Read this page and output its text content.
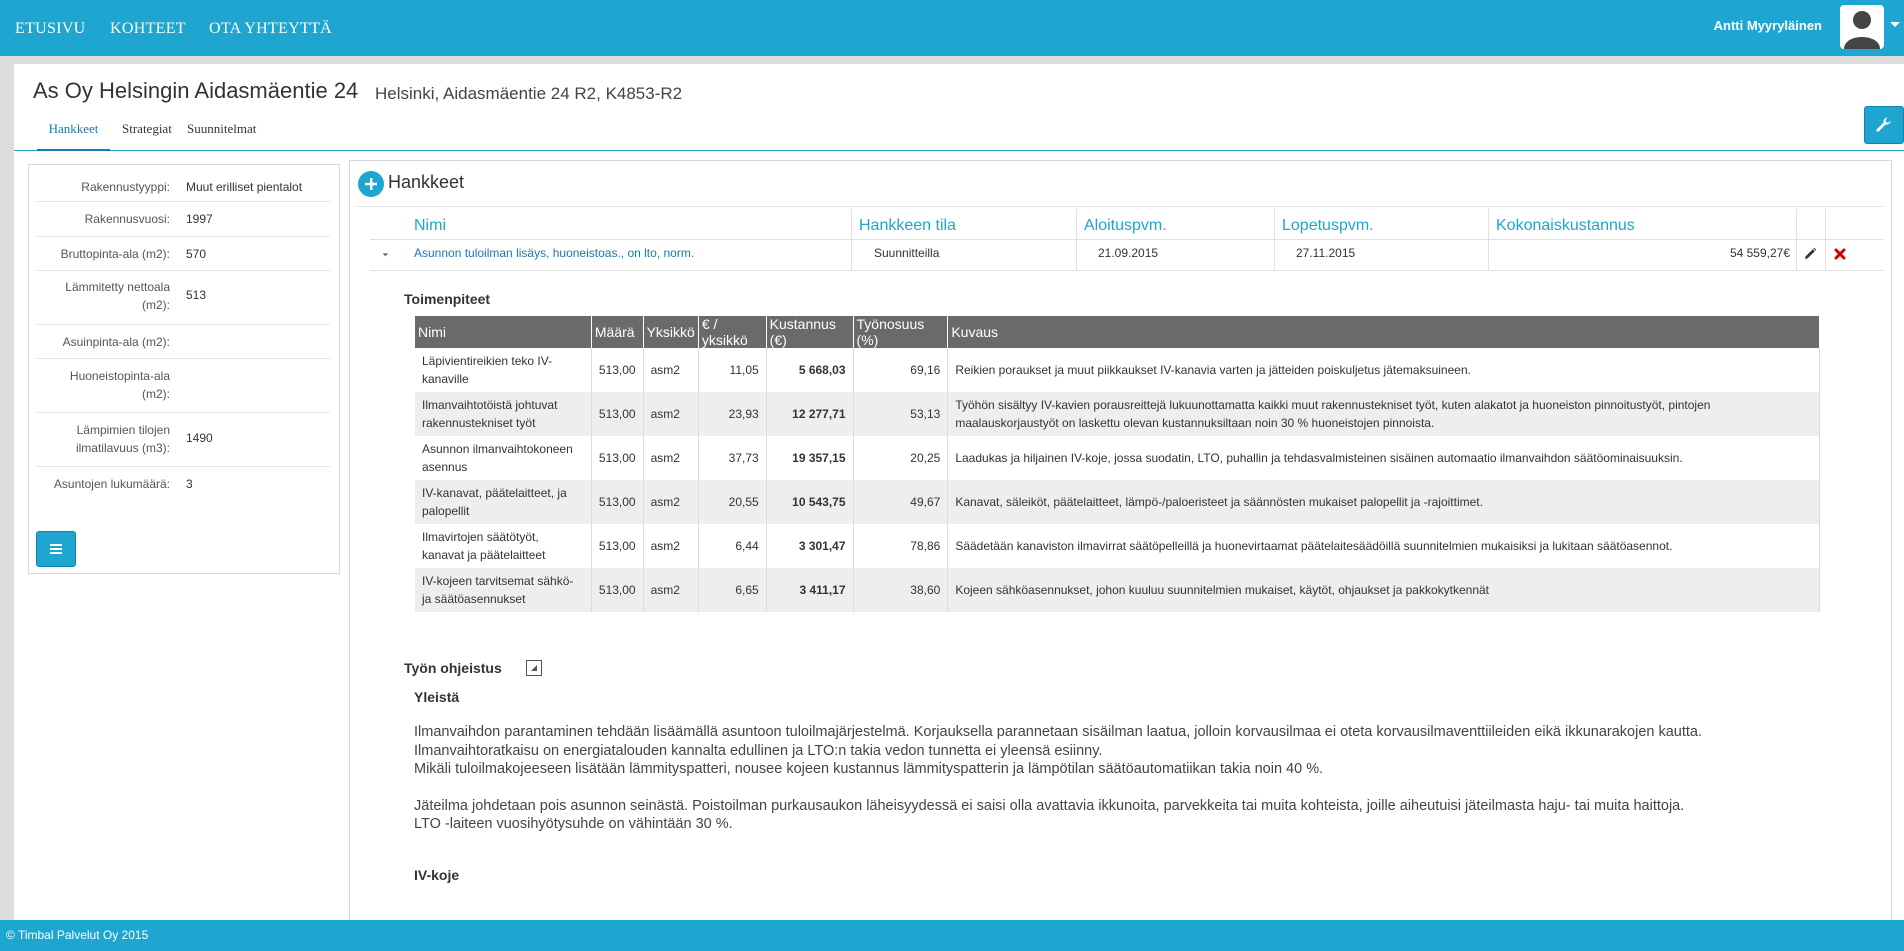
ETUSIVU KOHTEET OTA YHTEYTTÄ	Antti Myyryläinen
As Oy Helsingin Aidasmäentie 24 Helsinki, Aidasmäentie 24 R2, K4853-R2
Hankkeet	Strategiat Suunnitelmat
Rakennustyyppi: Muut erilliset pientalot
Rakennusvuosi: 1997
Bruttopinta-ala (m2): 570
Lämmitetty nettoala (m2):
513
Asuinpinta-ala (m2):
Huoneistopinta-ala (m2):
Lämpimien tilojen ilmatilavuus (m3):
1490
Asuntojen lukumäärä: 3
Hankkeet
Nimi	Hankkeen tila	Aloituspvm.	Lopetuspvm.	Kokonaiskustannus
Asunnon tuloilman lisäys, huoneistoas., on lto, norm.	Suunnitteilla	21.09.2015	27.11.2015	54 559,27€
Toimenpiteet
Nimi	Määrä	Yksikkö	€ / yksikkö	Kustannus (€)	Työnosuus (%)	Kuvaus
Läpivientireikien teko IV-kanaville	513,00	asm2	11,05	5 668,03	69,16	Reikien poraukset ja muut piikkaukset IV-kanavia varten ja jätteiden poiskuljetus jätemaksuineen.
Ilmanvaihtotöistä johtuvat rakennustekniset työt	513,00	asm2	23,93	12 277,71	53,13	Työhön sisältyy IV-kavien porausreittejä lukuunottamatta kaikki muut rakennustekniset työt, kuten alakatot ja huoneiston pinnoitustyöt, pintojen maalauskorjaustyöt on laskettu olevan kustannuksiltaan noin 30 % huoneistojen pinnoista.
Asunnon ilmanvaihtokoneen asennus	513,00	asm2	37,73	19 357,15	20,25	Laadukas ja hiljainen IV-koje, jossa suodatin, LTO, puhallin ja tehdasvalmisteinen sisäinen automaatio ilmanvaihdon säätöominaisuuksin.
IV-kanavat, päätelaitteet, ja palopellit	513,00	asm2	20,55	10 543,75	49,67	Kanavat, säleiköt, päätelaitteet, lämpö-/paloeristeet ja säännösten mukaiset palopellit ja -rajoittimet.
Ilmavirtojen säätötyöt, kanavat ja päätelaitteet	513,00	asm2	6,44	3 301,47	78,86	Säädetään kanaviston ilmavirrat säätöpelleillä ja huonevirtaamat päätelaitesäädöillä suunnitelmien mukaisiksi ja lukitaan säätöasennot.
IV-kojeen tarvitsemat sähkö- ja säätöasennukset	513,00	asm2	6,65	3 411,17	38,60	Kojeen sähköasennukset, johon kuuluu suunnitelmien mukaiset, käytöt, ohjaukset ja pakkokytkennät
Työn ohjeistus
Yleistä
Ilmanvaihdon parantaminen tehdään lisäämällä asuntoon tuloilmajärjestelmä. Korjauksella parannetaan sisäilman laatua, jolloin korvausilmaa ei oteta korvausilmaventtiileiden eikä ikkunarakojen kautta. Ilmanvaihtoratkaisu on energiatalouden kannalta edullinen ja LTO:n takia vedon tunnetta ei yleensä esiinny.
Mikäli tuloilmakojeeseen lisätään lämmityspatteri, nousee kojeen kustannus lämmityspatterin ja lämpötilan säätöautomatiikan takia noin 40 %.
Jäteilma johdetaan pois asunnon seinästä. Poistoilman purkausaukon läheisyydessä ei saisi olla avattavia ikkunoita, parvekkeita tai muita kohteista, joille aiheutuisi jäteilmasta haju- tai muita haittoja.
LTO -laiteen vuosihyötysuhde on vähintään 30 %.
IV-koje
© Timbal Palvelut Oy 2015
